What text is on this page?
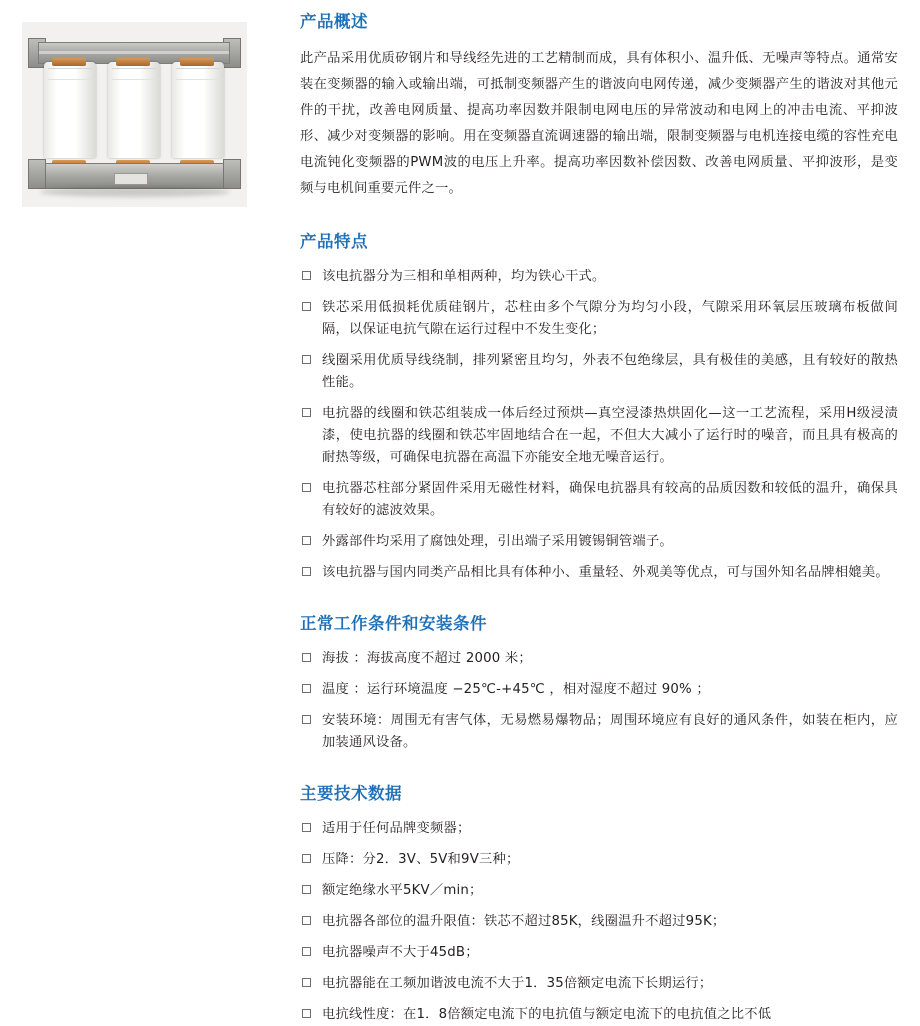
产品概述

此产品采用优质矽钢片和导线经先进的工艺精制而成，具有体积小、温升低、无噪声等特点。通常安装在变频器的输入或输出端，可抵制变频器产生的谐波向电网传递，减少变频器产生的谐波对其他元件的干扰，改善电网质量、提高功率因数并限制电网电压的异常波动和电网上的冲击电流、平抑波形、减少对变频器的影响。用在变频器直流调速器的输出端，限制变频器与电机连接电缆的容性充电电流钝化变频器的PWM波的电压上升率。提高功率因数补偿因数、改善电网质量、平抑波形，是变频与电机间重要元件之一。

产品特点
该电抗器分为三相和单相两种，均为铁心干式。
铁芯采用低损耗优质硅钢片，芯柱由多个气隙分为均匀小段，气隙采用环氧层压玻璃布板做间隔，以保证电抗气隙在运行过程中不发生变化；
线圈采用优质导线绕制，排列紧密且均匀，外表不包绝缘层，具有极佳的美感，且有较好的散热性能。
电抗器的线圈和铁芯组装成一体后经过预烘—真空浸漆热烘固化—这一工艺流程，采用H级浸渍漆，使电抗器的线圈和铁芯牢固地结合在一起，不但大大减小了运行时的噪音，而且具有极高的耐热等级，可确保电抗器在高温下亦能安全地无噪音运行。
电抗器芯柱部分紧固件采用无磁性材料，确保电抗器具有较高的品质因数和较低的温升，确保具有较好的滤波效果。
外露部件均采用了腐蚀处理，引出端子采用镀锡铜管端子。
该电抗器与国内同类产品相比具有体种小、重量轻、外观美等优点，可与国外知名品牌相媲美。
正常工作条件和安装条件
海拔 ：海拔高度不超过 2000 米；
温度 ：运行环境温度 −25℃-+45℃ ，相对湿度不超过 90% ；
安装环境：周围无有害气体，无易燃易爆物品；周围环境应有良好的通风条件，如装在柜内，应加装通风设备。
主要技术数据
适用于任何品牌变频器；
压降：分2．3V、5V和9V三种；
额定绝缘水平5KV／min；
电抗器各部位的温升限值：铁芯不超过85K，线圈温升不超过95K；
电抗器噪声不大于45dB；
电抗器能在工频加谐波电流不大于1．35倍额定电流下长期运行；
电抗线性度：在1．8倍额定电流下的电抗值与额定电流下的电抗值之比不低
